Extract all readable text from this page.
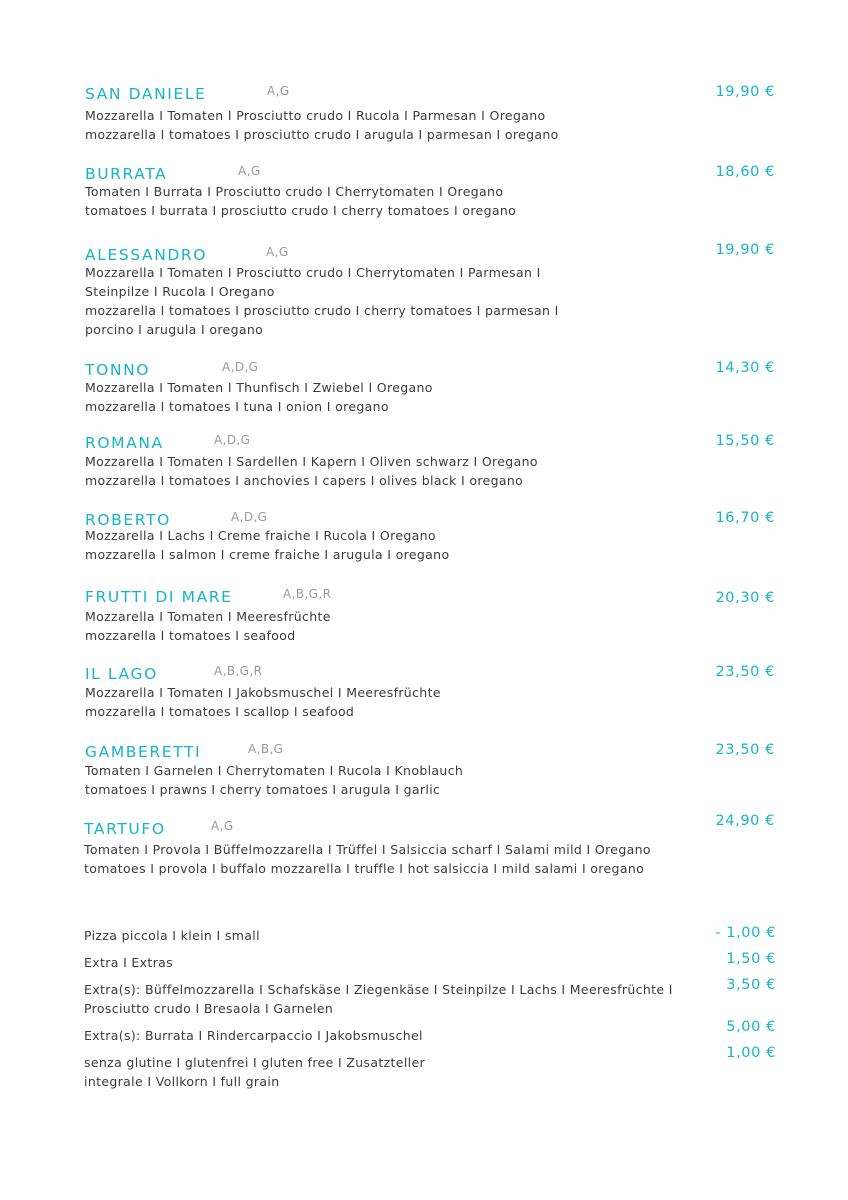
SAN DANIELE	A,G	19,90 €
Mozzarella I Tomaten I Prosciutto crudo I Rucola I Parmesan I Oregano
mozzarella I tomatoes I prosciutto crudo I arugula I parmesan I oregano
BURRATA	A,G	18,60 €
Tomaten I Burrata I Prosciutto crudo I Cherrytomaten I Oregano
tomatoes I burrata I prosciutto crudo I cherry tomatoes I oregano
ALESSANDRO	A,G	19,90 €
Mozzarella I Tomaten I Prosciutto crudo I Cherrytomaten I Parmesan I
Steinpilze I Rucola I Oregano
mozzarella I tomatoes I prosciutto crudo I cherry tomatoes I parmesan I
porcino I arugula I oregano
TONNO	A,D,G	14,30 €
Mozzarella I Tomaten I Thunfisch I Zwiebel I Oregano
mozzarella I tomatoes I tuna I onion I oregano
ROMANA	A,D,G	15,50 €
Mozzarella I Tomaten I Sardellen I Kapern I Oliven schwarz I Oregano
mozzarella I tomatoes I anchovies I capers I olives black I oregano
ROBERTO	A,D,G	16,70 €
Mozzarella I Lachs I Creme fraiche I Rucola I Oregano
mozzarella I salmon I creme fraiche I arugula I oregano
FRUTTI DI MARE	A,B,G,R	20,30 €
Mozzarella I Tomaten I Meeresfrüchte
mozzarella I tomatoes I seafood
IL LAGO	A,B,G,R	23,50 €
Mozzarella I Tomaten I Jakobsmuschel I Meeresfrüchte
mozzarella I tomatoes I scallop I seafood
GAMBERETTI	A,B,G	23,50 €
Tomaten I Garnelen I Cherrytomaten I Rucola I Knoblauch
tomatoes I prawns I cherry tomatoes I arugula I garlic
TARTUFO	A,G	24,90 €
Tomaten I Provola I Büffelmozzarella I Trüffel I Salsiccia scharf I Salami mild I Oregano
tomatoes I provola I buffalo mozzarella I truffle I hot salsiccia I mild salami I oregano
Pizza piccola I klein I small	- 1,00 €
Extra I Extras	1,50 €
Extra(s): Büffelmozzarella I Schafskäse I Ziegenkäse I Steinpilze I Lachs I Meeresfrüchte I
Prosciutto crudo I Bresaola I Garnelen
3,50 €
Extra(s): Burrata I Rindercarpaccio I Jakobsmuschel
5,00 €
senza glutine I glutenfrei I gluten free I Zusatzteller
integrale I Vollkorn I full grain
1,00 €
